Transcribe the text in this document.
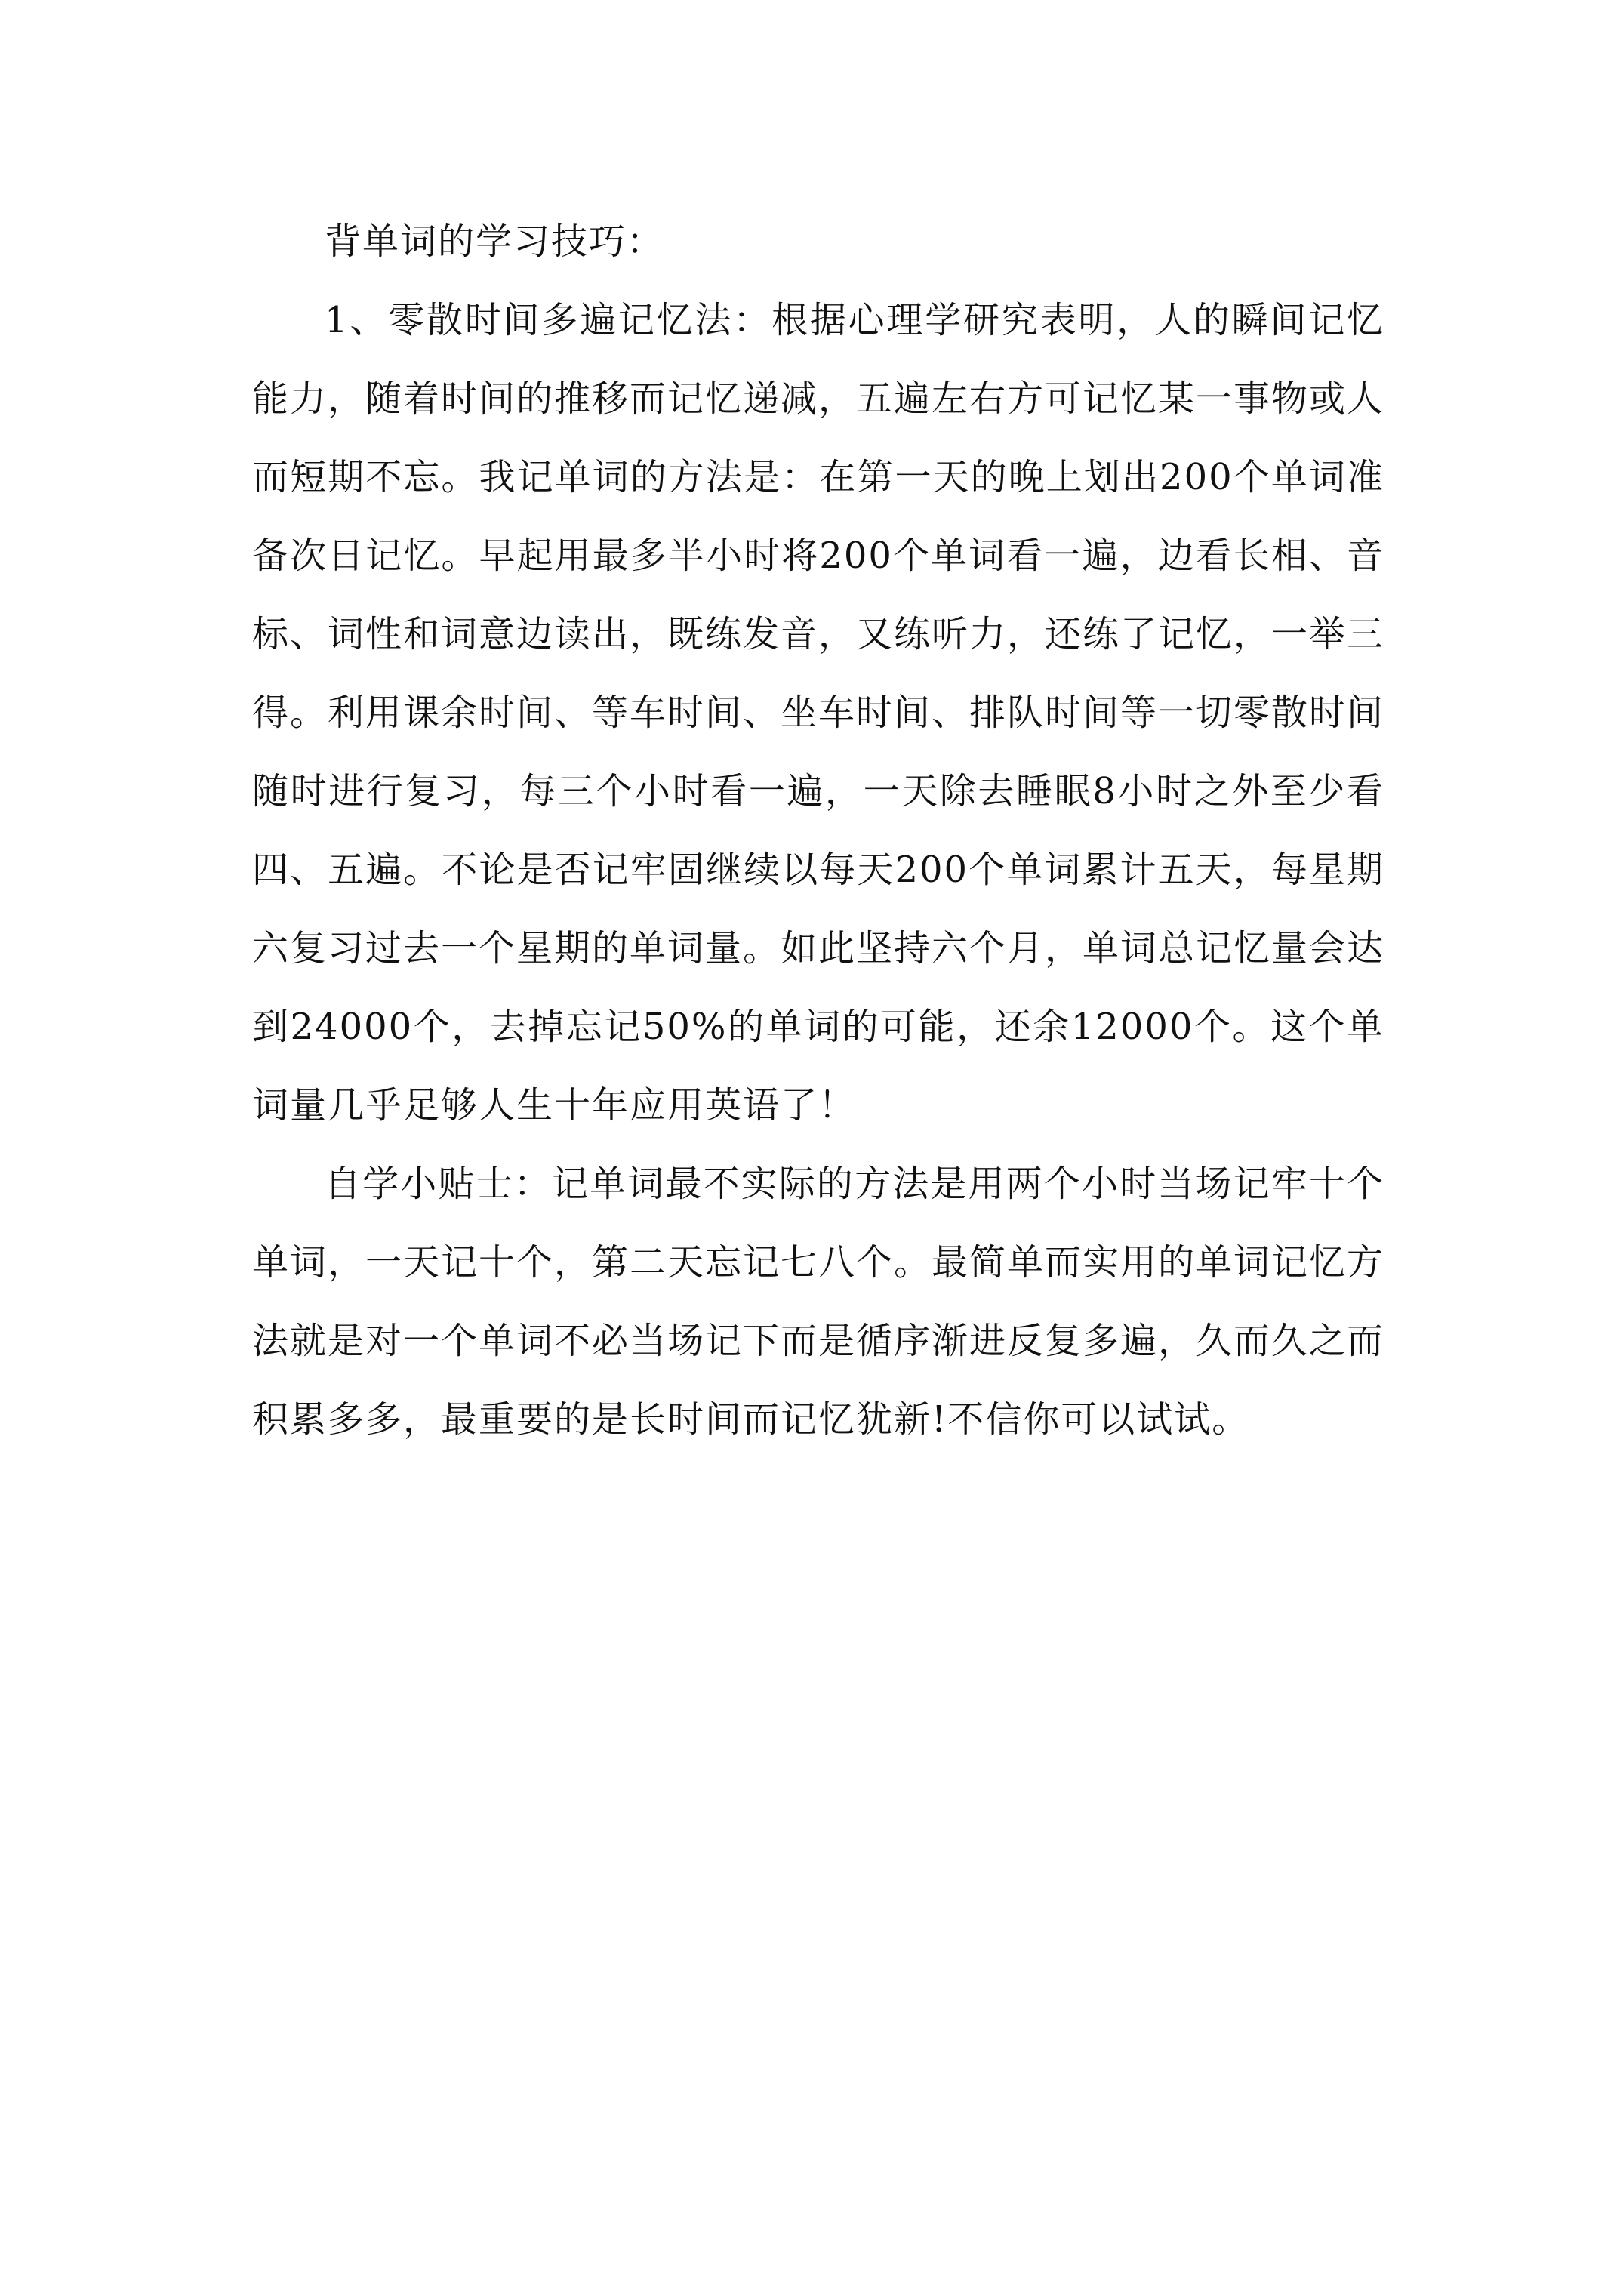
背单词的学习技巧：

1、零散时间多遍记忆法：根据心理学研究表明，人的瞬间记忆能力，随着时间的推移而记忆递减，五遍左右方可记忆某一事物或人而短期不忘。我记单词的方法是：在第一天的晚上划出200个单词准备次日记忆。早起用最多半小时将200个单词看一遍，边看长相、音标、词性和词意边读出，既练发音，又练听力，还练了记忆，一举三得。利用课余时间、等车时间、坐车时间、排队时间等一切零散时间随时进行复习，每三个小时看一遍，一天除去睡眠8小时之外至少看四、五遍。不论是否记牢固继续以每天200个单词累计五天，每星期六复习过去一个星期的单词量。如此坚持六个月，单词总记忆量会达到24000个，去掉忘记50%的单词的可能，还余12000个。这个单词量几乎足够人生十年应用英语了！

自学小贴士：记单词最不实际的方法是用两个小时当场记牢十个单词，一天记十个，第二天忘记七八个。最简单而实用的单词记忆方法就是对一个单词不必当场记下而是循序渐进反复多遍，久而久之而积累多多，最重要的是长时间而记忆犹新!不信你可以试试。
